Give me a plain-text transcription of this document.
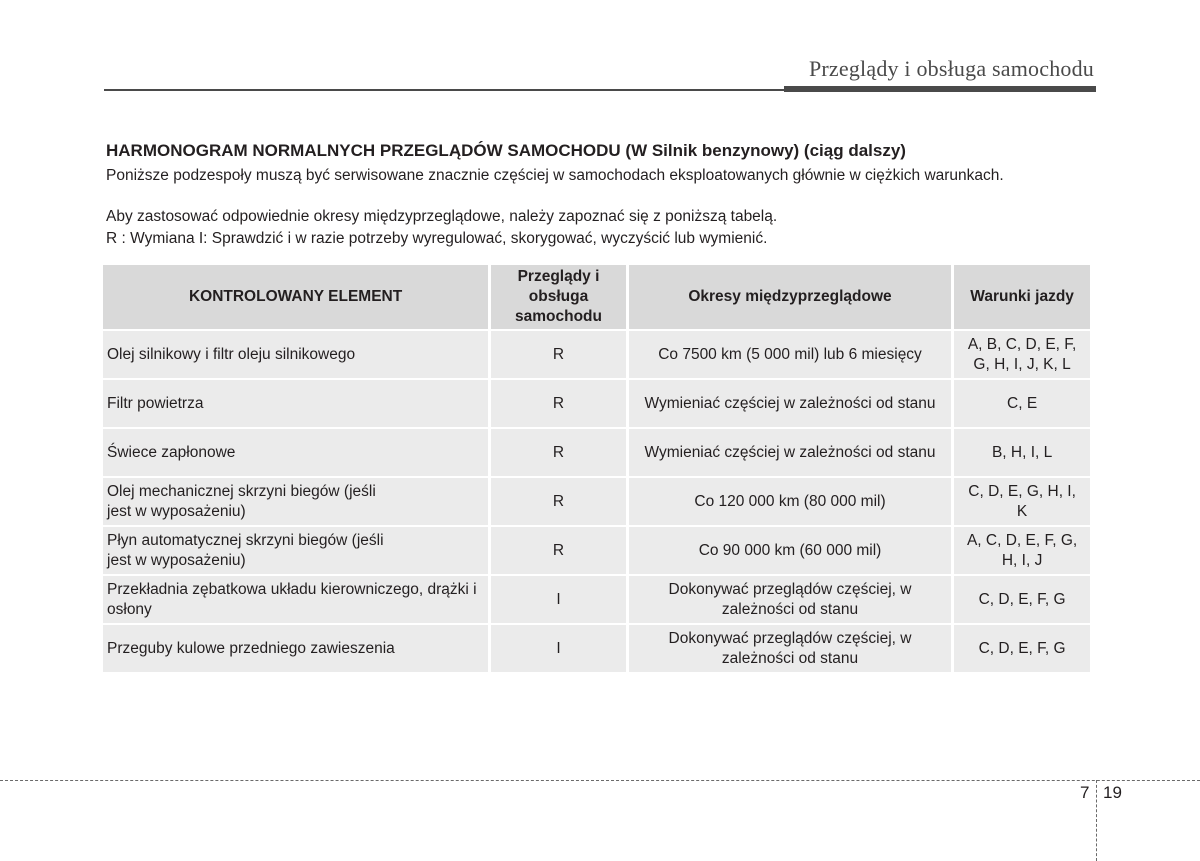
Przeglądy i obsługa samochodu
HARMONOGRAM NORMALNYCH PRZEGLĄDÓW SAMOCHODU (W Silnik benzynowy) (ciąg dalszy)
Poniższe podzespoły muszą być serwisowane znacznie częściej w samochodach eksploatowanych głównie w ciężkich warunkach.
Aby zastosować odpowiednie okresy międzyprzeglądowe, należy zapoznać się z poniższą tabelą.
R : Wymiana I: Sprawdzić i w razie potrzeby wyregulować, skorygować, wyczyścić lub wymienić.
KONTROLOWANY ELEMENT	Przeglądy i obsługa samochodu	Okresy międzyprzeglądowe	Warunki jazdy
Olej silnikowy i filtr oleju silnikowego	R	Co 7500 km (5 000 mil) lub 6 miesięcy	A, B, C, D, E, F, G, H, I, J, K, L

Filtr powietrza	R	Wymieniać częściej w zależności od stanu	C, E
Świece zapłonowe	R	Wymieniać częściej w zależności od stanu	B, H, I, L

Olej mechanicznej skrzyni biegów (jeśli jest w wyposażeniu)	R	Co 120 000 km (80 000 mil)	C, D, E, G, H, I, K

Płyn automatycznej skrzyni biegów (jeśli jest w wyposażeniu)	R	Co 90 000 km (60 000 mil)	A, C, D, E, F, G, H, I, J

Przekładnia zębatkowa układu kierowniczego, drążki i osłony	I	Dokonywać przeglądów częściej, w zależności od stanu	C, D, E, F, G
Przeguby kulowe przedniego zawieszenia	I	Dokonywać przeglądów częściej, w zależności od stanu	C, D, E, F, G
7 19
